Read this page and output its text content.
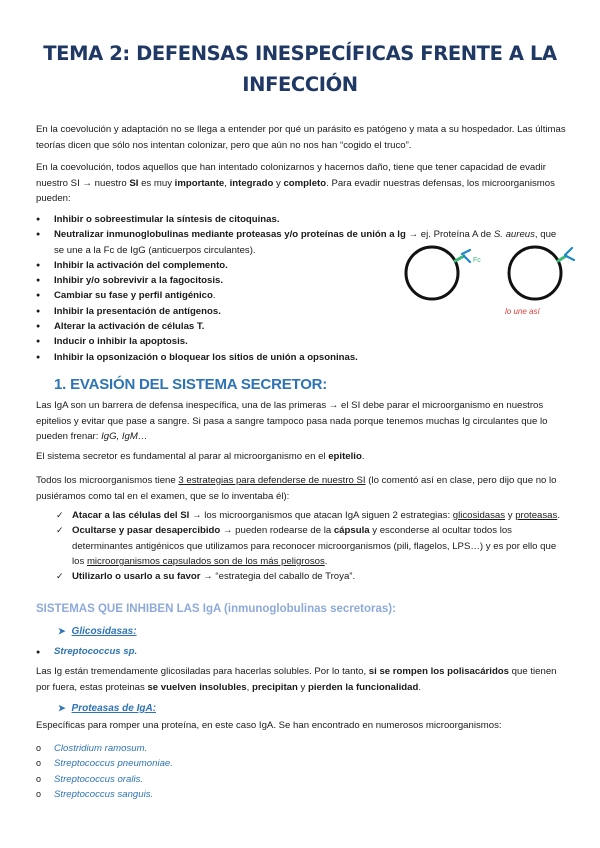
TEMA 2: DEFENSAS INESPECÍFICAS FRENTE A LA INFECCIÓN

En la coevolución y adaptación no se llega a entender por qué un parásito es patógeno y mata a su hospedador. Las últimas teorías dicen que sólo nos intentan colonizar, pero que aún no nos han “cogido el truco”.

En la coevolución, todos aquellos que han intentado colonizarnos y hacernos daño, tiene que tener capacidad de evadir nuestro SI → nuestro SI es muy importante, integrado y completo. Para evadir nuestras defensas, los microorganismos pueden:

● Inhibir o sobreestimular la síntesis de citoquinas.
● Neutralizar inmunoglobulinas mediante proteasas y/o proteínas de unión a Ig → ej. Proteína A de S. aureus, que se une a la Fc de IgG (anticuerpos circulantes).
● Inhibir la activación del complemento.
● Inhibir y/o sobrevivir a la fagocitosis.
● Cambiar su fase y perfil antigénico.
● Inhibir la presentación de antígenos.
● Alterar la activación de células T.
● Inducir o inhibir la apoptosis.
● Inhibir la opsonización o bloquear los sitios de unión a opsoninas.
Fc
lo une así
1. EVASIÓN DEL SISTEMA SECRETOR:

Las IgA son un barrera de defensa inespecífica, una de las primeras → el SI debe parar el microorganismo en nuestros epitelios y evitar que pase a sangre. Si pasa a sangre tampoco pasa nada porque tenemos muchas Ig circulantes que lo pueden frenar: IgG, IgM…

El sistema secretor es fundamental al parar al microorganismo en el epitelio.

Todos los microorganismos tiene 3 estrategias para defenderse de nuestro SI (lo comentó así en clase, pero dijo que no lo pusiéramos como tal en el examen, que se lo inventaba él):

✓ Atacar a las células del SI → los microorganismos que atacan IgA siguen 2 estrategias: glicosidasas y proteasas.
✓ Ocultarse y pasar desapercibido → pueden rodearse de la cápsula y esconderse al ocultar todos los determinantes antigénicos que utilizamos para reconocer microorganismos (pili, flagelos, LPS…) y es por ello que los microorganismos capsulados son de los más peligrosos.
✓ Utilizarlo o usarlo a su favor → “estrategia del caballo de Troya”.
SISTEMAS QUE INHIBEN LAS IgA (inmunoglobulinas secretoras):
➤ Glicosidasas:
● Streptococcus sp.

Las Ig están tremendamente glicosiladas para hacerlas solubles. Por lo tanto, si se rompen los polisacáridos que tienen por fuera, estas proteinas se vuelven insolubles, precipitan y pierden la funcionalidad.

➤ Proteasas de IgA:

Específicas para romper una proteína, en este caso IgA. Se han encontrado en numerosos microorganismos:

o Clostridium ramosum.
o Streptococcus pneumoniae.
o Streptococcus oralis.
o Streptococcus sanguis.
